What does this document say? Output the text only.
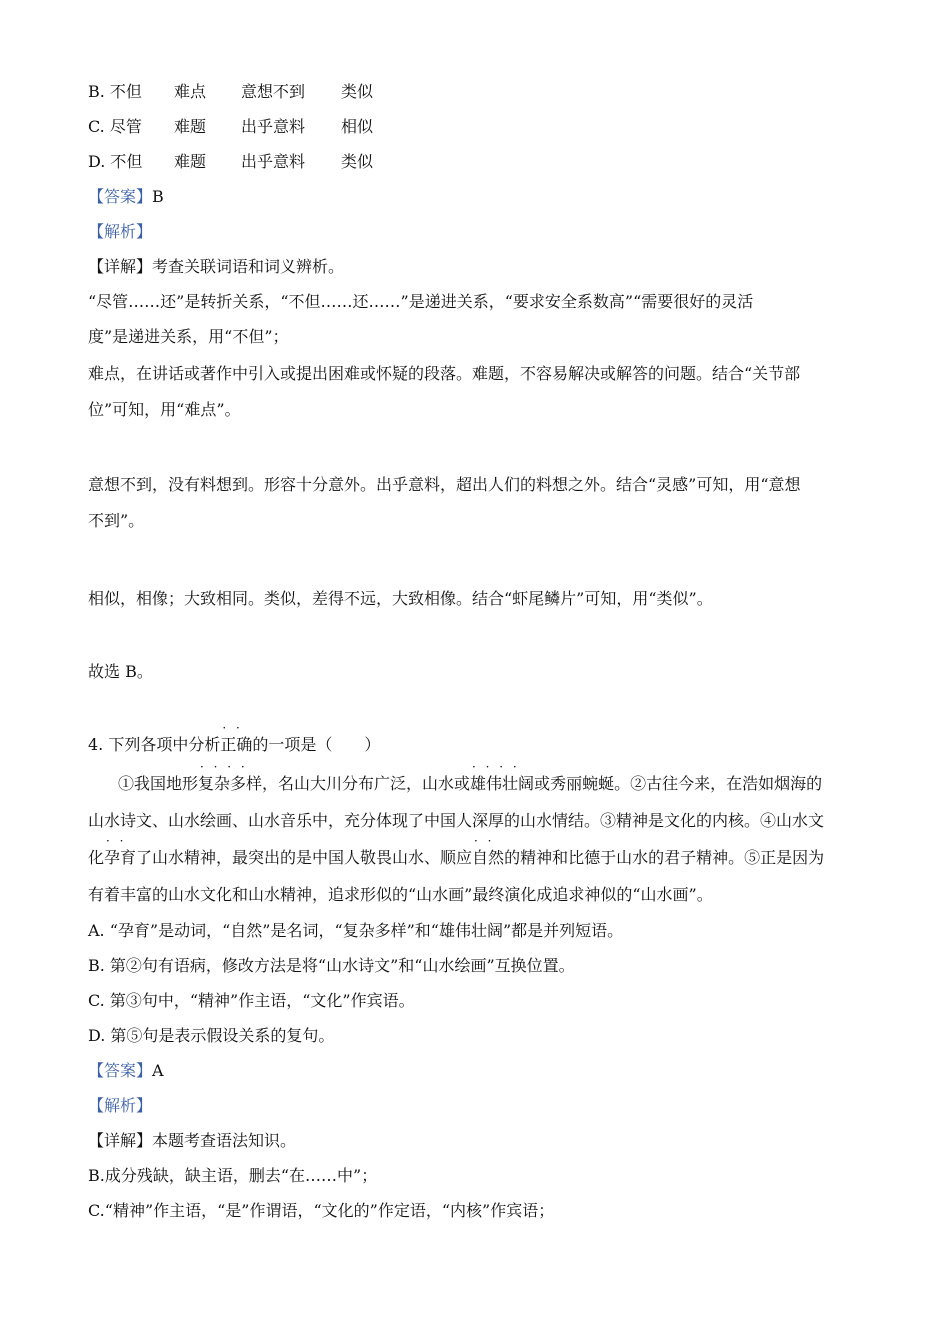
B. 不但 难点 意想不到 类似
C. 尽管 难题 出乎意料 相似
D. 不但 难题 出乎意料 类似
【答案】B
【解析】
【详解】考查关联词语和词义辨析。
“尽管……还”是转折关系，“不但……还……”是递进关系，“要求安全系数高”“需要很好的灵活
度”是递进关系，用“不但”；
难点，在讲话或著作中引入或提出困难或怀疑的段落。难题，不容易解决或解答的问题。结合“关节部
位”可知，用“难点”。
意想不到，没有料想到。形容十分意外。出乎意料，超出人们的料想之外。结合“灵感”可知，用“意想
不到”。
相似，相像；大致相同。类似，差得不远，大致相像。结合“虾尾鳞片”可知，用“类似”。
故选 B。
4. 下列各项中分析· · 正确的一项是（　　）
①我国地形· · · · 复杂多样，名山大川分布广泛，山水或· · · · 雄伟壮阔或秀丽蜿蜒。②古往今来，在浩如烟海的
山水诗文、山水绘画、山水音乐中，充分体现了中国人深厚的山水情结。③精神是文化的内核。④山水文
化· · 孕育了山水精神，最突出的是中国人敬畏山水、顺应· · 自然的精神和比德于山水的君子精神。⑤正是因为
有着丰富的山水文化和山水精神，追求形似的“山水画”最终演化成追求神似的“山水画”。
A. “孕育”是动词，“自然”是名词，“复杂多样”和“雄伟壮阔”都是并列短语。
B. 第②句有语病，修改方法是将“山水诗文”和“山水绘画”互换位置。
C. 第③句中，“精神”作主语，“文化”作宾语。
D. 第⑤句是表示假设关系的复句。
【答案】A
【解析】
【详解】本题考查语法知识。
B.成分残缺，缺主语，删去“在……中”；
C.“精神”作主语，“是”作谓语，“文化的”作定语，“内核”作宾语；
